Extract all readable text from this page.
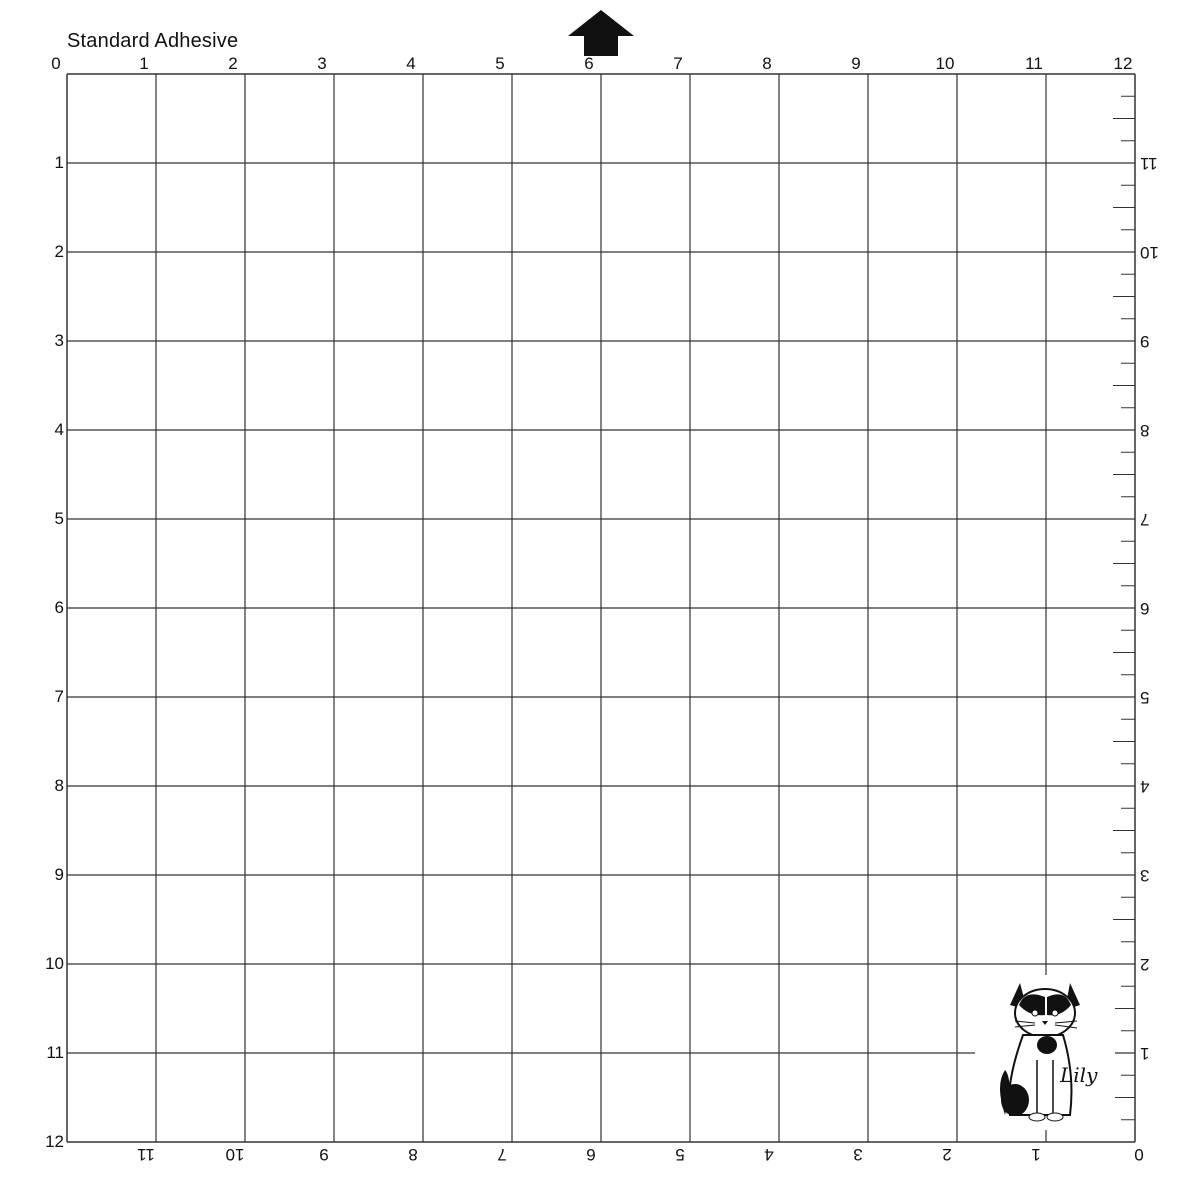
Standard Adhesive
0	1	2	3	4	5	6	7	8	9	10	11	12
1
2
3
4
5
6
7
8
9
10
11
12
11
10
9
8
7
6
5
4
3
2
1
11	10	9	8	7	6	5	4	3	2	1	0
Lily
